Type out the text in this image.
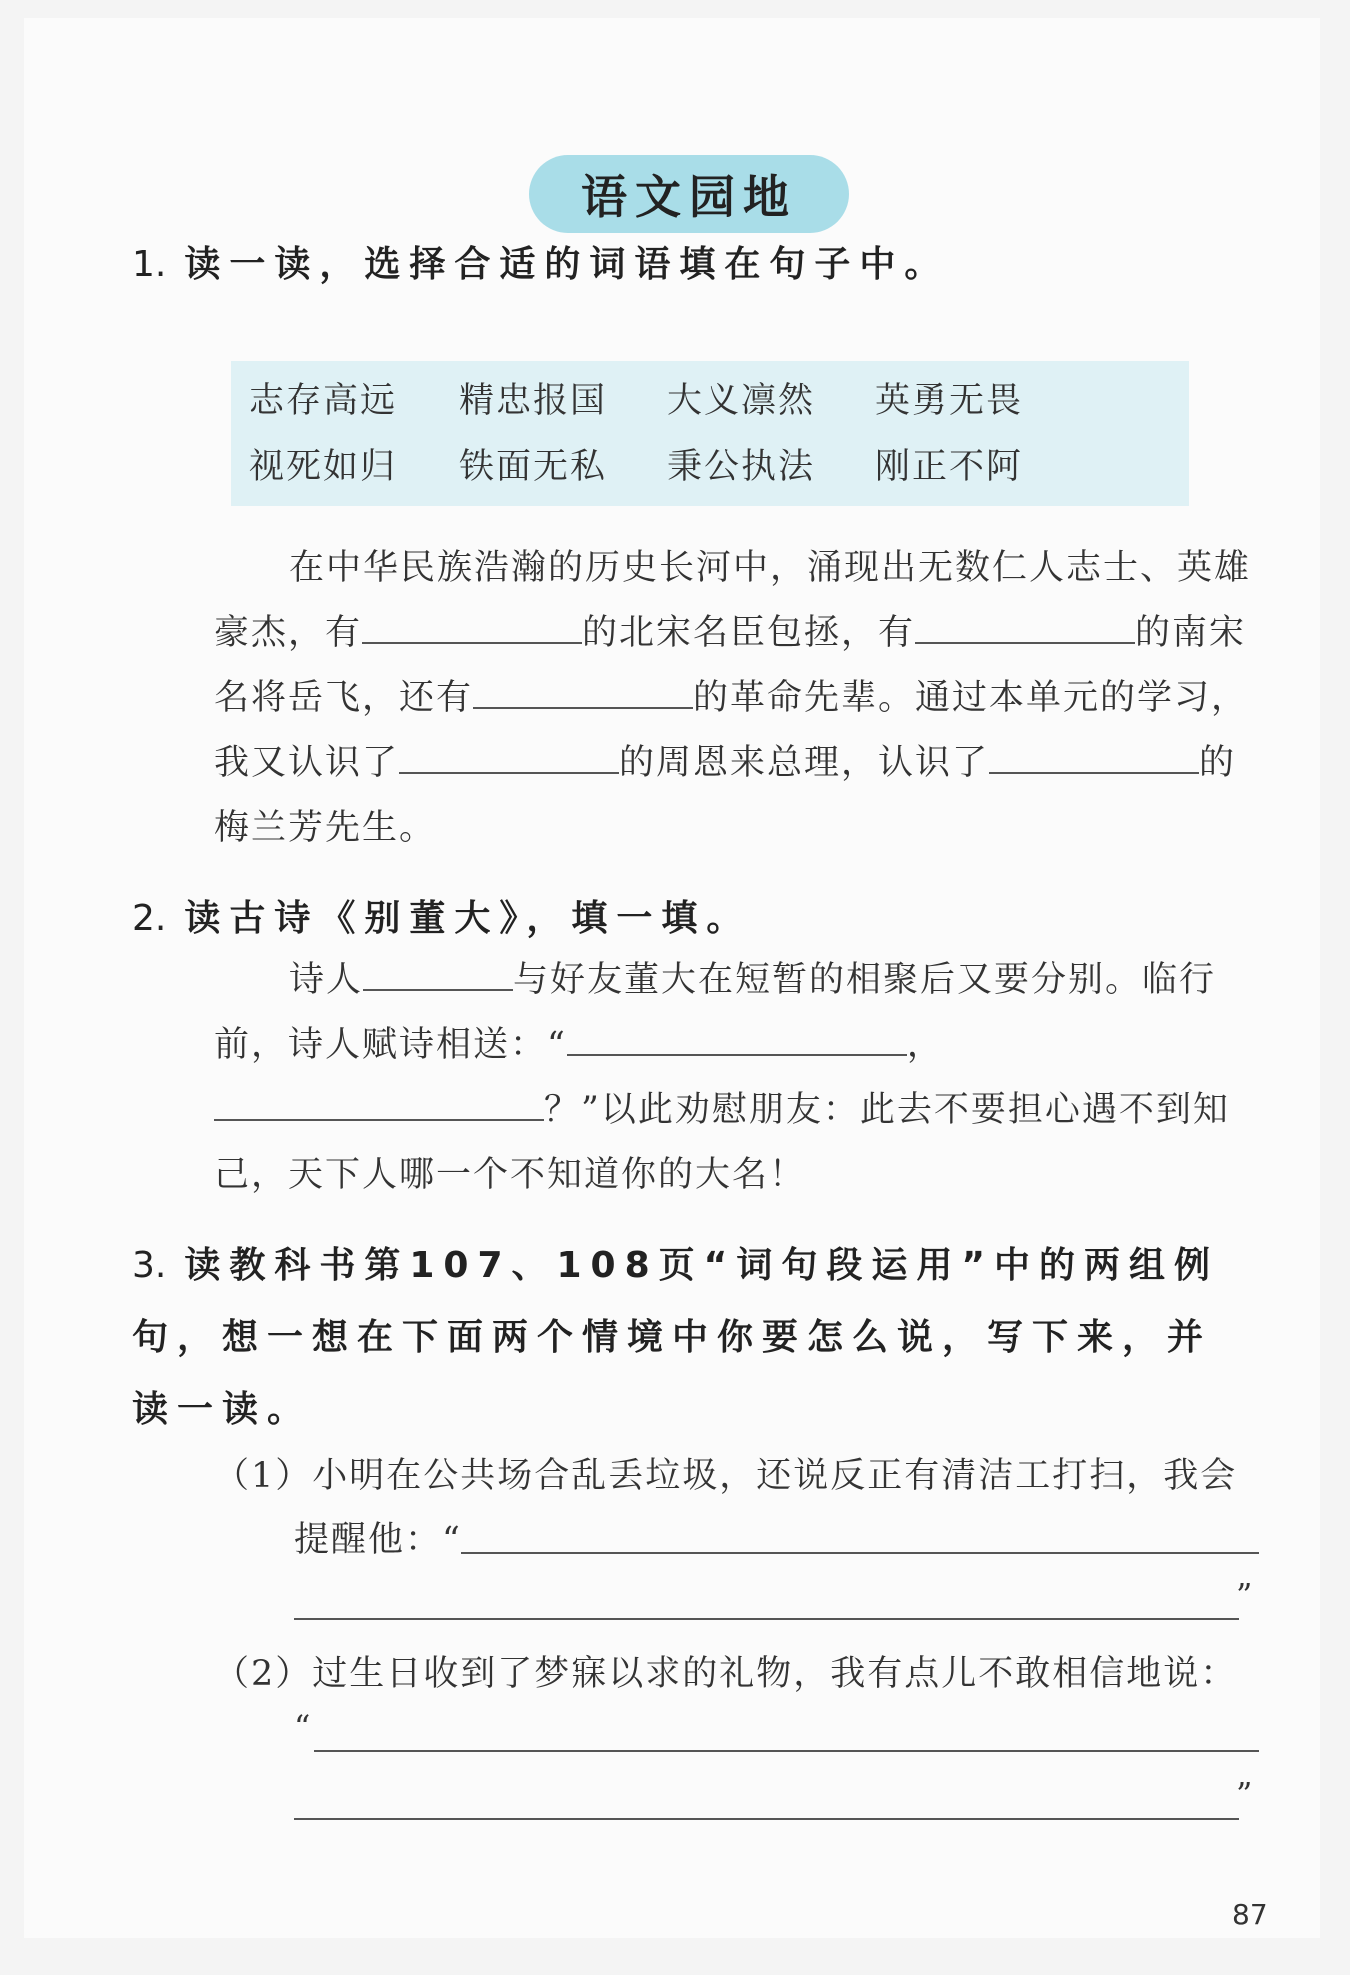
语文园地
1. 读一读，选择合适的词语填在句子中。
志存高远 精忠报国 大义凛然 英勇无畏
视死如归 铁面无私 秉公执法 刚正不阿
在中华民族浩瀚的历史长河中，涌现出无数仁人志士、英雄豪杰，有	的北宋名臣包拯，有	的南宋名将岳飞，还有	的革命先辈。通过本单元的学习，我又认识了	的周恩来总理，认识了	的梅兰芳先生。
2. 读古诗《别董大》，填一填。
诗人	与好友董大在短暂的相聚后又要分别。临行前，诗人赋诗相送：“	，？”以此劝慰朋友：此去不要担心遇不到知己，天下人哪一个不知道你的大名！
3. 读教科书第107、108页“词句段运用”中的两组例句，想一想在下面两个情境中你要怎么说，写下来，并读一读。
（1）小明在公共场合乱丢垃圾，还说反正有清洁工打扫，我会
提醒他：“
”
（2）过生日收到了梦寐以求的礼物，我有点儿不敢相信地说：
“
”
87
